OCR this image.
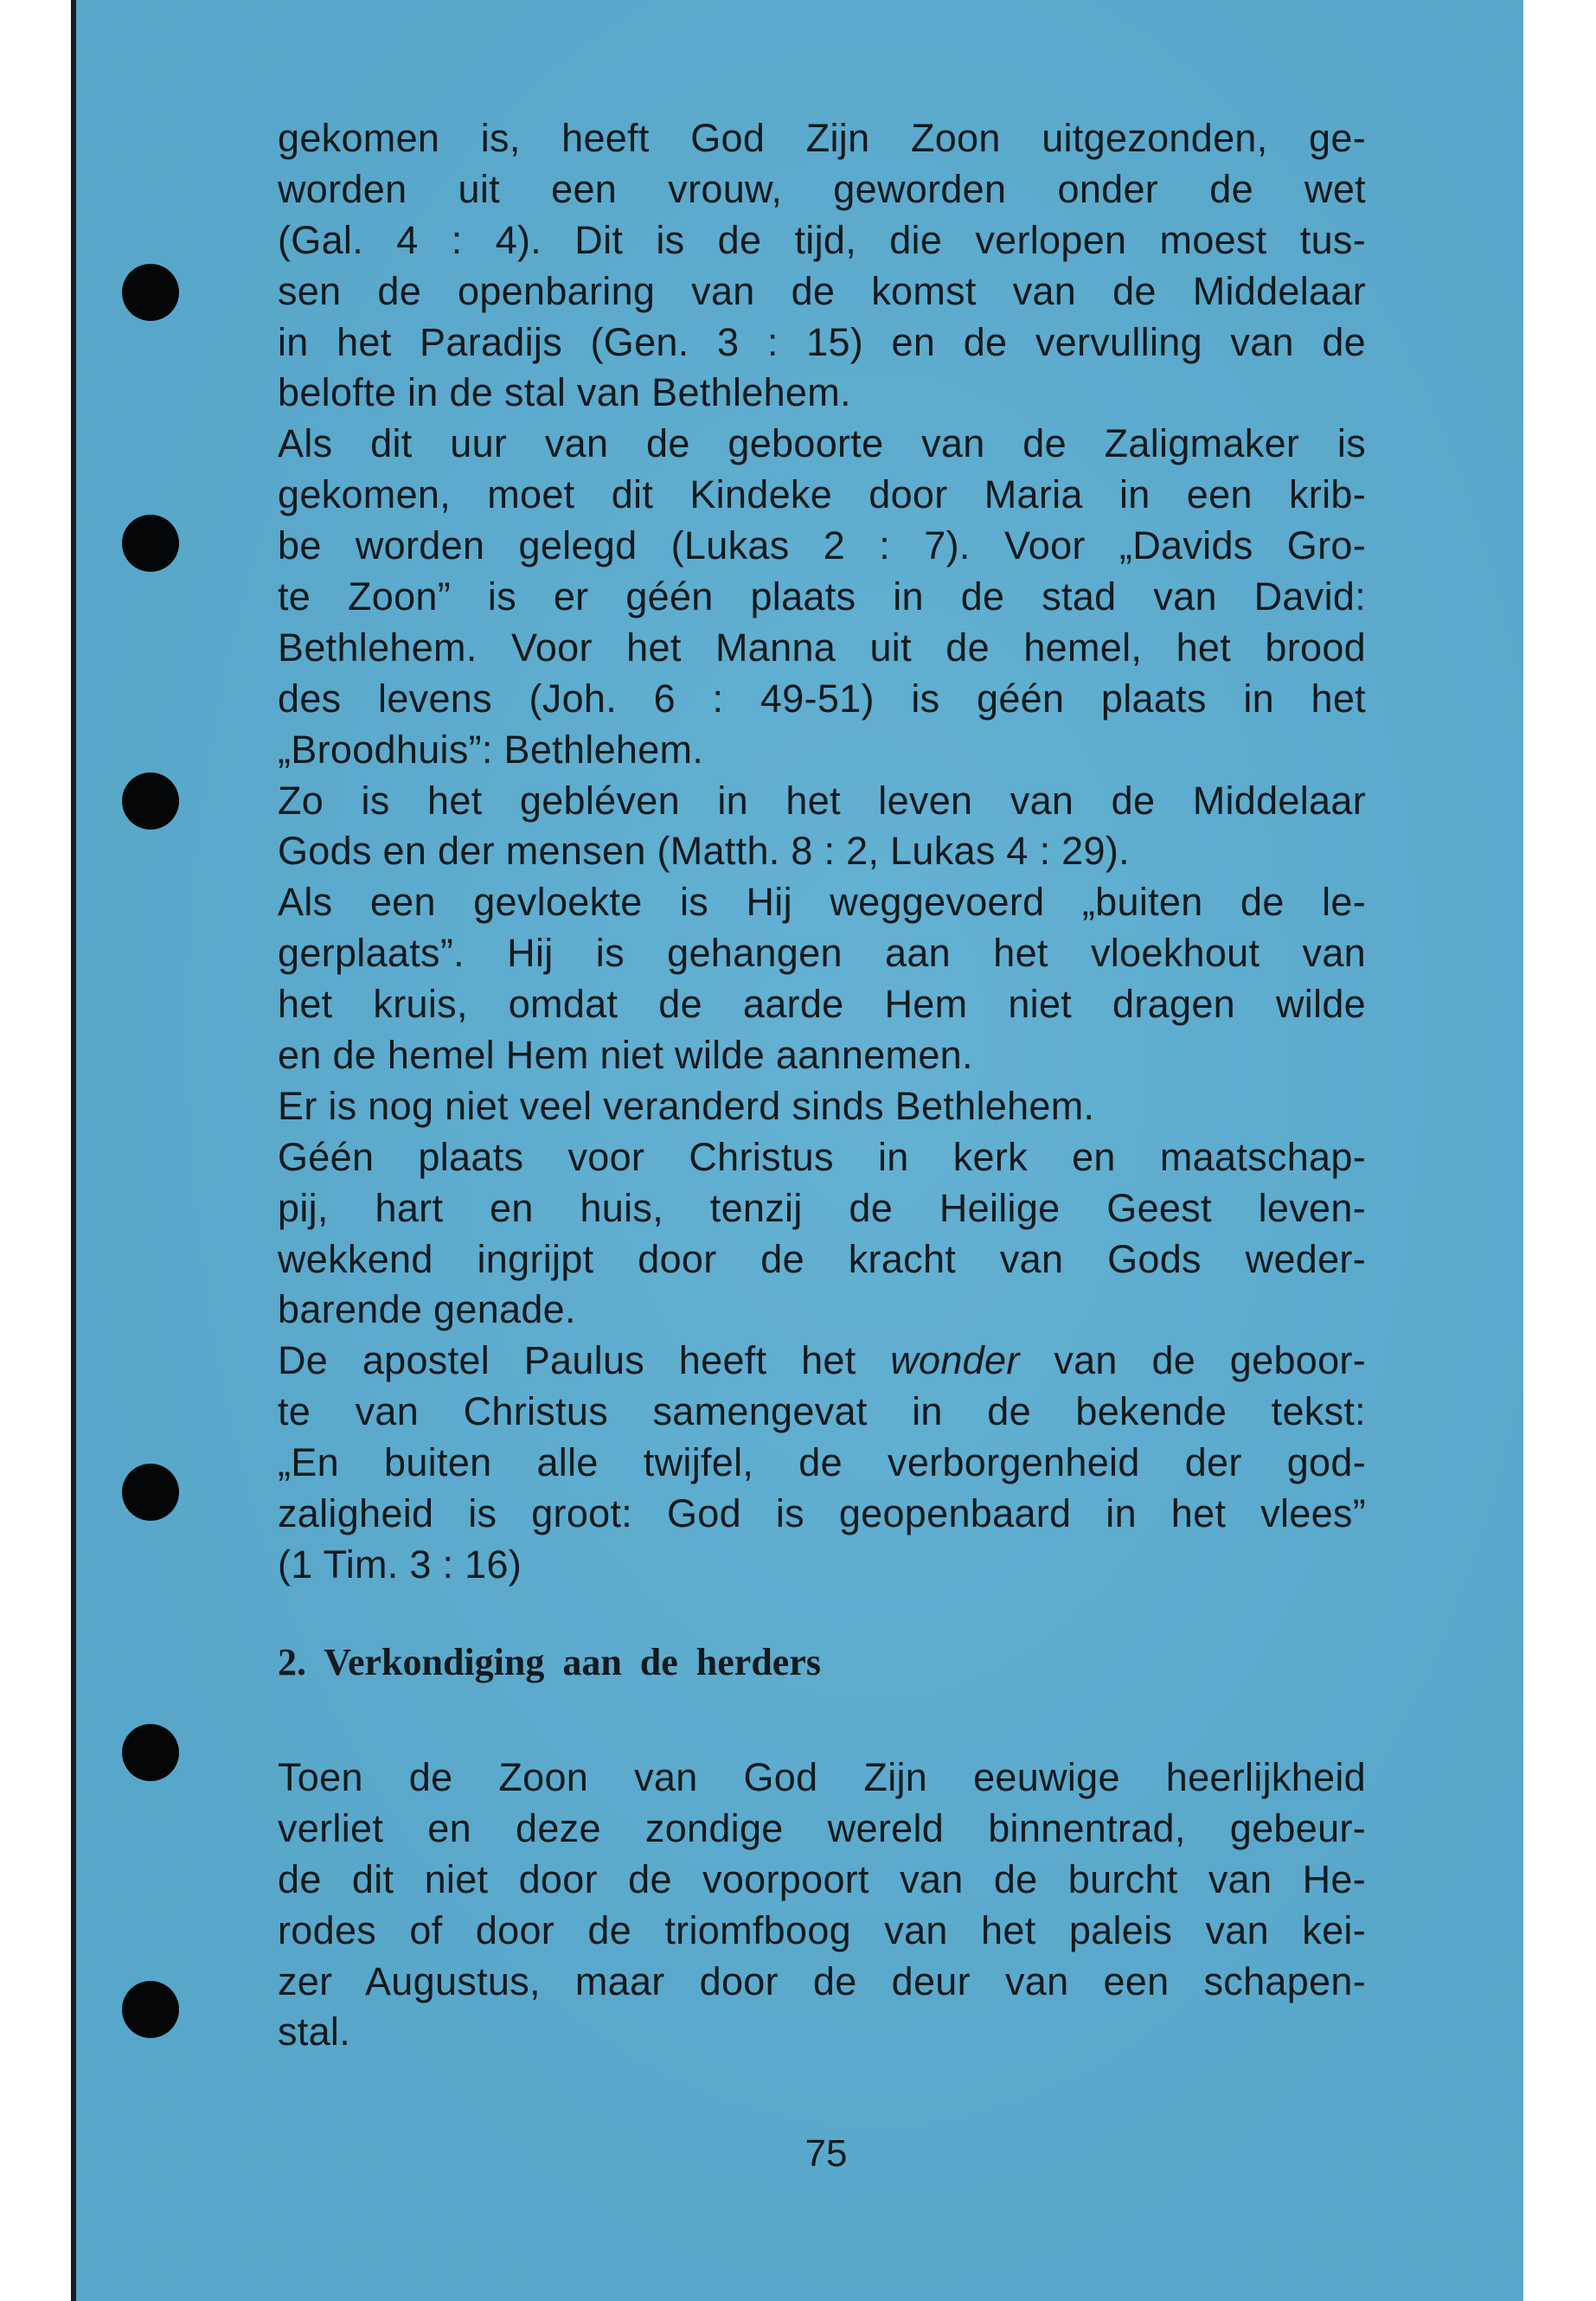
gekomen is, heeft God Zijn Zoon uitgezonden, ge-
worden uit een vrouw, geworden onder de wet
(Gal. 4 : 4). Dit is de tijd, die verlopen moest tus-
sen de openbaring van de komst van de Middelaar
in het Paradijs (Gen. 3 : 15) en de vervulling van de
belofte in de stal van Bethlehem.
Als dit uur van de geboorte van de Zaligmaker is
gekomen, moet dit Kindeke door Maria in een krib-
be worden gelegd (Lukas 2 : 7). Voor „Davids Gro-
te Zoon” is er géén plaats in de stad van David:
Bethlehem. Voor het Manna uit de hemel, het brood
des levens (Joh. 6 : 49-51) is géén plaats in het
„Broodhuis”: Bethlehem.
Zo is het gebléven in het leven van de Middelaar
Gods en der mensen (Matth. 8 : 2, Lukas 4 : 29).
Als een gevloekte is Hij weggevoerd „buiten de le-
gerplaats”. Hij is gehangen aan het vloekhout van
het kruis, omdat de aarde Hem niet dragen wilde
en de hemel Hem niet wilde aannemen.
Er is nog niet veel veranderd sinds Bethlehem.
Géén plaats voor Christus in kerk en maatschap-
pij, hart en huis, tenzij de Heilige Geest leven-
wekkend ingrijpt door de kracht van Gods weder-
barende genade.
De apostel Paulus heeft het wonder van de geboor-
te van Christus samengevat in de bekende tekst:
„En buiten alle twijfel, de verborgenheid der god-
zaligheid is groot: God is geopenbaard in het vlees”
(1 Tim. 3 : 16)
2. Verkondiging aan de herders
Toen de Zoon van God Zijn eeuwige heerlijkheid
verliet en deze zondige wereld binnentrad, gebeur-
de dit niet door de voorpoort van de burcht van He-
rodes of door de triomfboog van het paleis van kei-
zer Augustus, maar door de deur van een schapen-
stal.
75
